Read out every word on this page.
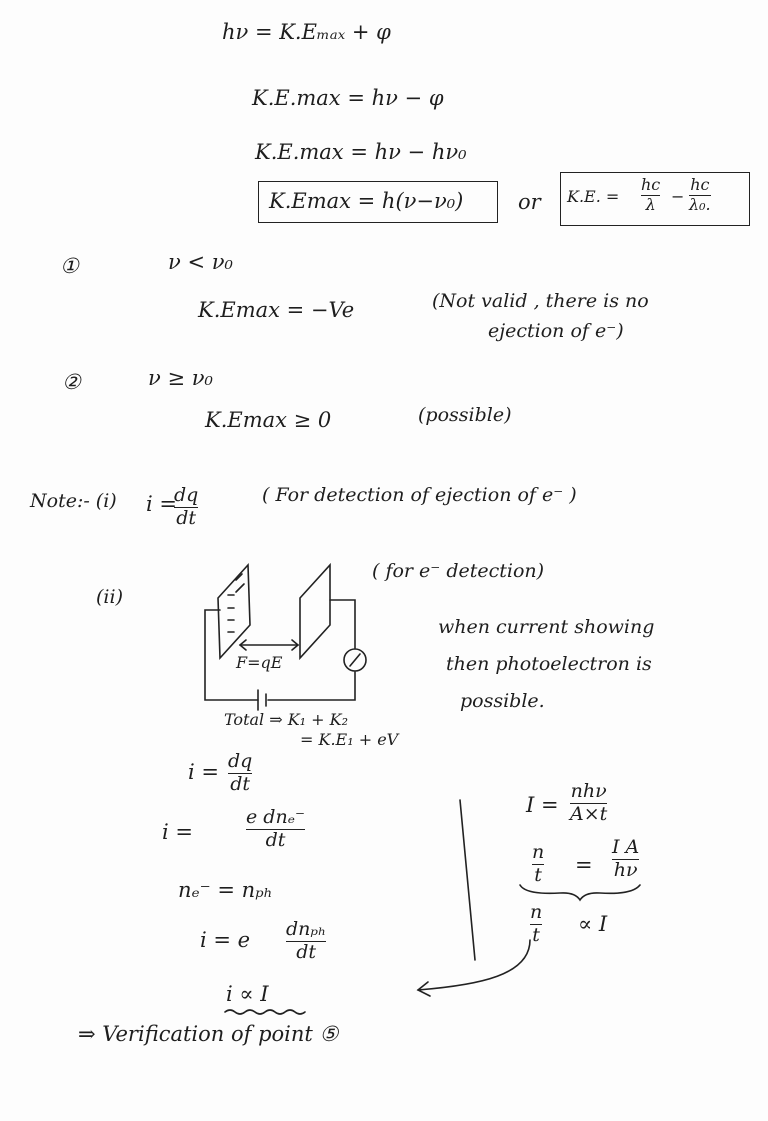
hν = K.Eₘₐₓ + φ
K.E.max = hν − φ
K.E.max = hν − hν₀
K.Emax = h(ν−ν₀)	or K.E. =
hc
λ −
hc
λ₀.
①	ν < ν₀
K.Emax = −Ve	(Not valid , there is no
ejection of e⁻)
②	ν ≥ ν₀
K.Emax ≥ 0	(possible)
Note:- (i) i =
dq
dt
( For detection of ejection of e⁻ )
(ii)
( for e⁻ detection)
F=qE
Total ⇒ K₁ + K₂
= K.E₁ + eV
when current showing
then photoelectron is
possible.
i = dq
dt
i =
e dnₑ⁻
dt
nₑ⁻ = nₚₕ
i = e dnₚₕ
dt
i ∝ I
⇒ Verification of point ⑤
I =
nhν
A×t
n
t =
I A
hν
n
t ∝ I
